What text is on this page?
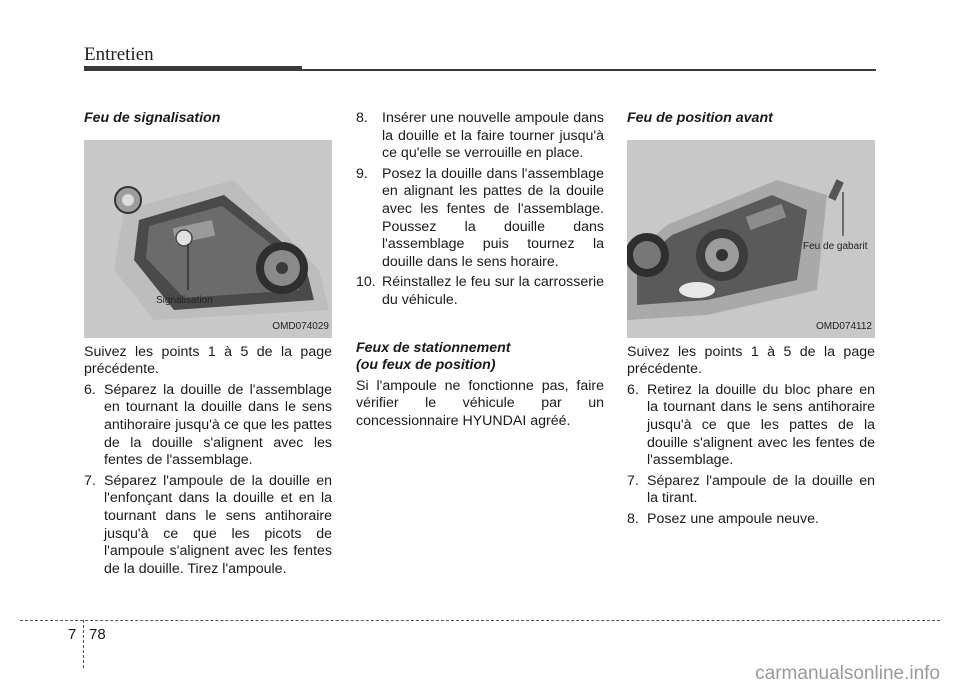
Entretien
Feu de signalisation
Signalisation
OMD074029

Suivez les points 1 à 5 de la page précédente.

6. Séparez la douille de l'assemblage en tournant la douille dans le sens antihoraire jusqu'à ce que les pattes de la douille s'alignent avec les fentes de l'assemblage.
7. Séparez l'ampoule de la douille en l'enfonçant dans la douille et en la tournant dans le sens antihoraire jusqu'à ce que les picots de l'ampoule s'alignent avec les fentes de la douille. Tirez l'ampoule.
8. Insérer une nouvelle ampoule dans la douille et la faire tourner jusqu'à ce qu'elle se verrouille en place.
9. Posez la douille dans l'assemblage en alignant les pattes de la douile avec les fentes de l'assemblage. Poussez la douille dans l'assemblage puis tournez la douille dans le sens horaire.
10. Réinstallez le feu sur la carrosserie du véhicule.
Feux de stationnement
(ou feux de position)

Si l'ampoule ne fonctionne pas, faire vérifier le véhicule par un concessionnaire HYUNDAI agréé.

Feu de position avant
Feu de gabarit
OMD074112

Suivez les points 1 à 5 de la page précédente.

6. Retirez la douille du bloc phare en la tournant dans le sens antihoraire jusqu'à ce que les pattes de la douille s'alignent avec les fentes de l'assemblage.
7. Séparez l'ampoule de la douille en la tirant.
8. Posez une ampoule neuve.
7 78
carmanualsonline.info
